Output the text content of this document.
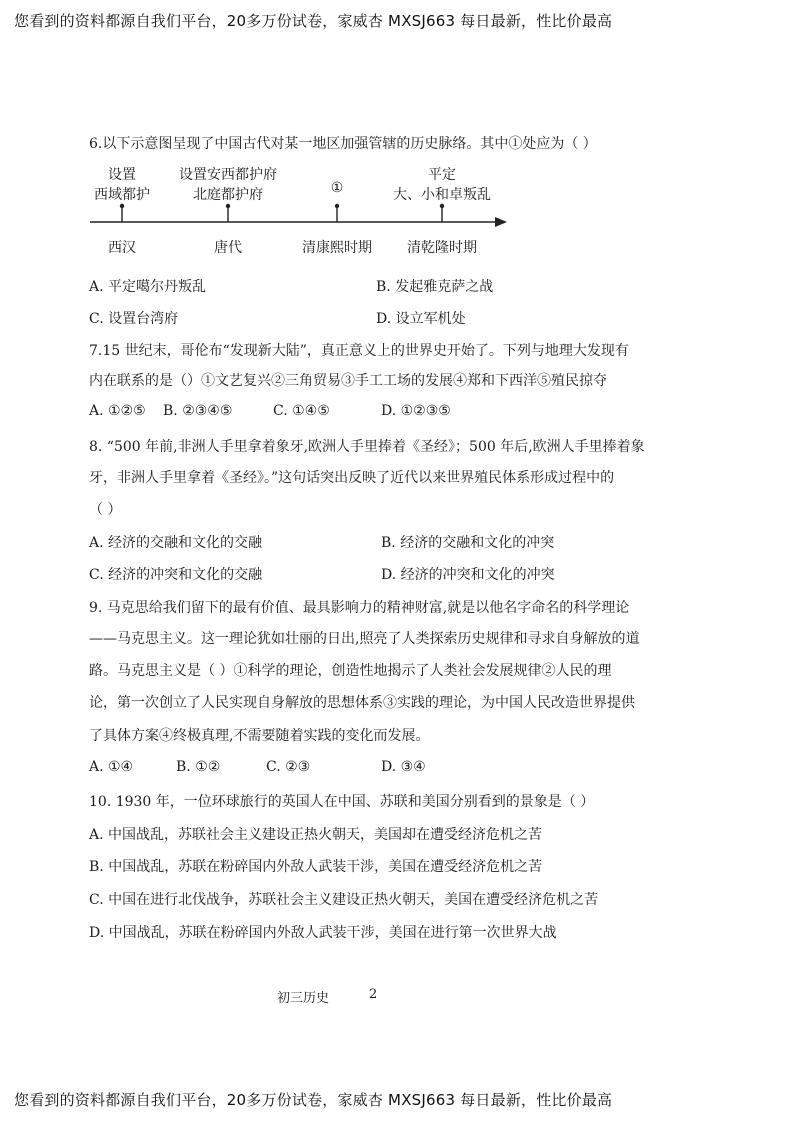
您看到的资料都源自我们平台，20多万份试卷，家威杏 MXSJ663 每日最新，性比价最高
6.以下示意图呈现了中国古代对某一地区加强管辖的历史脉络。其中①处应为（ ）
设置
西域都护
设置安西都护府
北庭都护府	①
平定
大、小和卓叛乱
西汉	唐代	清康熙时期	清乾隆时期
A. 平定噶尔丹叛乱	B. 发起雅克萨之战
C. 设置台湾府	D. 设立军机处
7.15 世纪末，哥伦布“发现新大陆”，真正意义上的世界史开始了。下列与地理大发现有
内在联系的是（）①文艺复兴②三角贸易③手工工场的发展④郑和下西洋⑤殖民掠夺
A. ①②⑤ B. ②③④⑤	C. ①④⑤	D. ①②③⑤
8. “500 年前,非洲人手里拿着象牙,欧洲人手里捧着《圣经》；500 年后,欧洲人手里捧着象
牙，非洲人手里拿着《圣经》。”这句话突出反映了近代以来世界殖民体系形成过程中的
（ ）
A. 经济的交融和文化的交融	B. 经济的交融和文化的冲突
C. 经济的冲突和文化的交融	D. 经济的冲突和文化的冲突
9. 马克思给我们留下的最有价值、最具影响力的精神财富,就是以他名字命名的科学理论
——马克思主义。这一理论犹如壮丽的日出,照亮了人类探索历史规律和寻求自身解放的道
路。马克思主义是（ ）①科学的理论，创造性地揭示了人类社会发展规律②人民的理
论，第一次创立了人民实现自身解放的思想体系③实践的理论，为中国人民改造世界提供
了具体方案④终极真理,不需要随着实践的变化而发展。
A. ①④	B. ①②	C. ②③	D. ③④
10. 1930 年，一位环球旅行的英国人在中国、苏联和美国分别看到的景象是（ ）
A. 中国战乱，苏联社会主义建设正热火朝天，美国却在遭受经济危机之苦
B. 中国战乱，苏联在粉碎国内外敌人武装干涉，美国在遭受经济危机之苦
C. 中国在进行北伐战争，苏联社会主义建设正热火朝天，美国在遭受经济危机之苦
D. 中国战乱，苏联在粉碎国内外敌人武装干涉，美国在进行第一次世界大战
初三历史	2
您看到的资料都源自我们平台，20多万份试卷，家威杏 MXSJ663 每日最新，性比价最高
